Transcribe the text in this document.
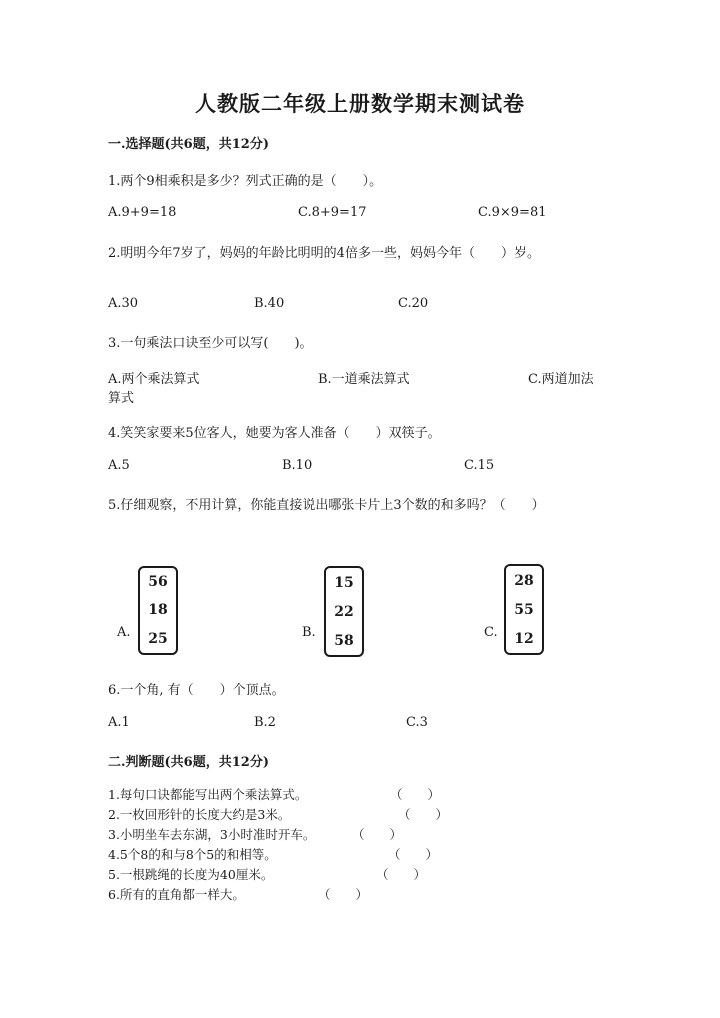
人教版二年级上册数学期末测试卷
一.选择题(共6题，共12分)
1.两个9相乘积是多少？列式正确的是（　　）。
A.9+9=18	C.8+9=17	C.9×9=81
2.明明今年7岁了，妈妈的年龄比明明的4倍多一些，妈妈今年（　　）岁。
A.30	B.40	C.20
3.一句乘法口诀至少可以写(　　)。
A.两个乘法算式	B.一道乘法算式	C.两道加法
算式
4.笑笑家要来5位客人，她要为客人准备（　　）双筷子。
A.5	B.10	C.15
5.仔细观察，不用计算，你能直接说出哪张卡片上3个数的和多吗？（　　）
A.
56
18
25	B.
15
22
58	C.
28
55
12
6.一个角, 有（　　）个顶点。
A.1	B.2	C.3
二.判断题(共6题，共12分)
1.每句口诀都能写出两个乘法算式。	（　　）
2.一枚回形针的长度大约是3米。	（　　）
3.小明坐车去东湖，3小时准时开车。	（　　）
4.5个8的和与8个5的和相等。	（　　）
5.一根跳绳的长度为40厘米。	（　　）
6.所有的直角都一样大。	（　　）
